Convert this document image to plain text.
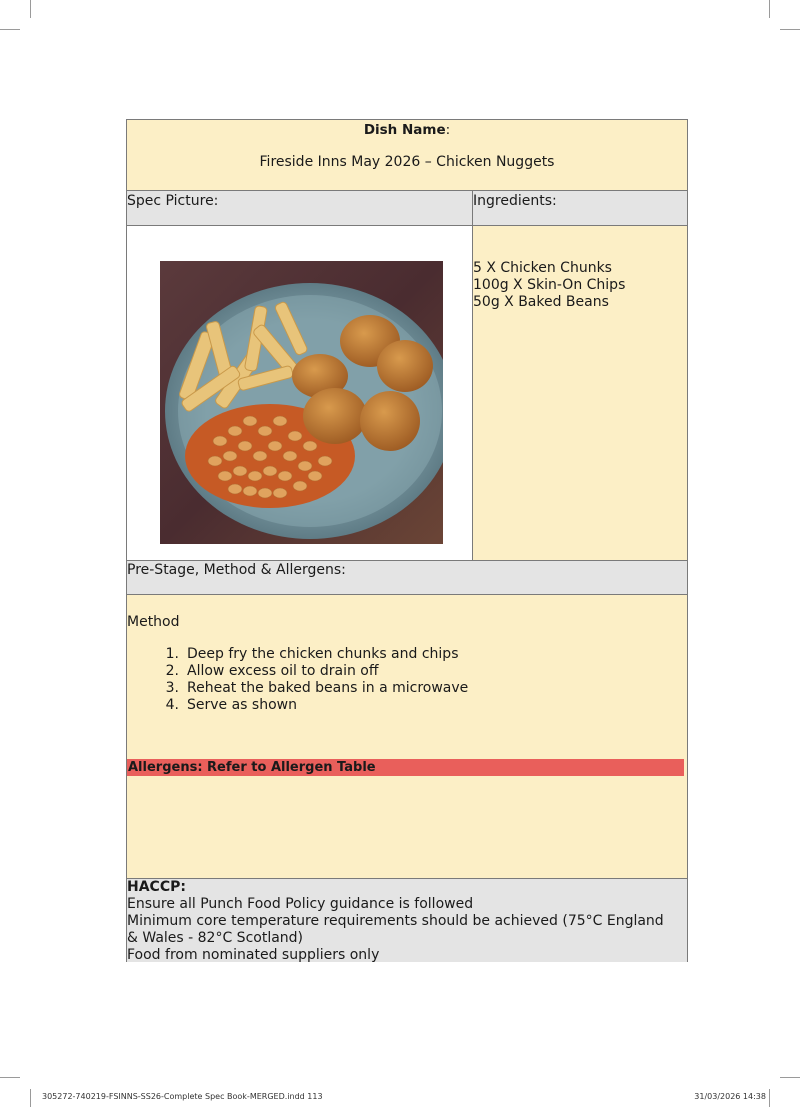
Dish Name:
Fireside Inns May 2026 – Chicken Nuggets
Spec Picture:	Ingredients:
5 X Chicken Chunks
100g X Skin-On Chips
50g X Baked Beans
Pre-Stage, Method & Allergens:
Method
1. Deep fry the chicken chunks and chips
2. Allow excess oil to drain off
3. Reheat the baked beans in a microwave
4. Serve as shown
Allergens: Refer to Allergen Table
HACCP:
Ensure all Punch Food Policy guidance is followed
Minimum core temperature requirements should be achieved (75°C England & Wales - 82°C Scotland)
Food from nominated suppliers only
305272-740219-FSINNS-SS26-Complete Spec Book-MERGED.indd 113	31/03/2026 14:38
